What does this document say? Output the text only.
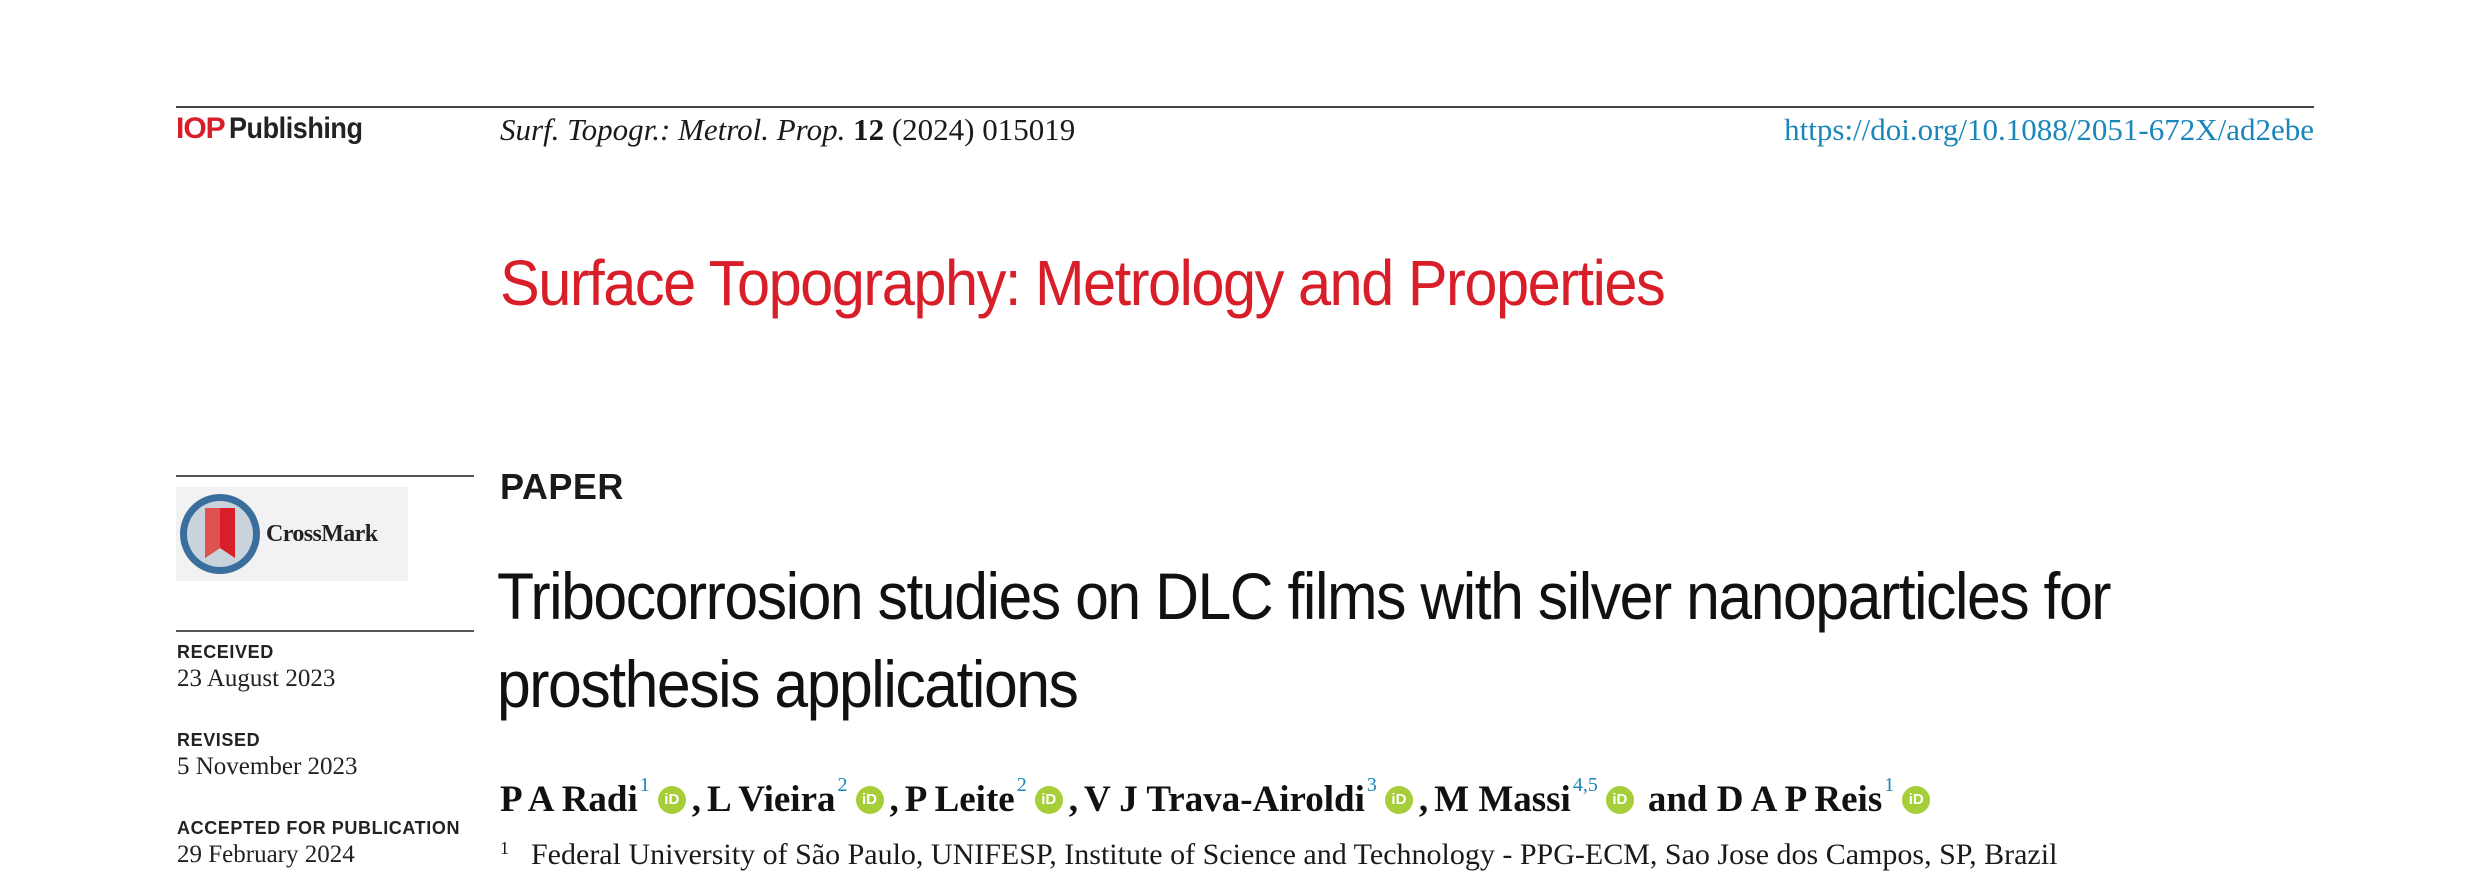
IOP Publishing	Surf. Topogr.: Metrol. Prop. 12 (2024) 015019	https://doi.org/10.1088/2051-672X/ad2ebe
Surface Topography: Metrology and Properties
CrossMark
RECEIVED
23 August 2023
REVISED
5 November 2023
ACCEPTED FOR PUBLICATION
29 February 2024
PAPER
Tribocorrosion studies on DLC films with silver nanoparticles for
prosthesis applications
P A Radi 1
iD , L Vieira 2
iD , P Leite 2
iD , V J Trava-Airoldi 3
iD , M Massi 4,5
iD and D A P Reis 1
iD
$^1$ Federal University of São Paulo, UNIFESP, Institute of Science and Technology - PPG-ECM, Sao Jose dos Campos, SP, Brazil
